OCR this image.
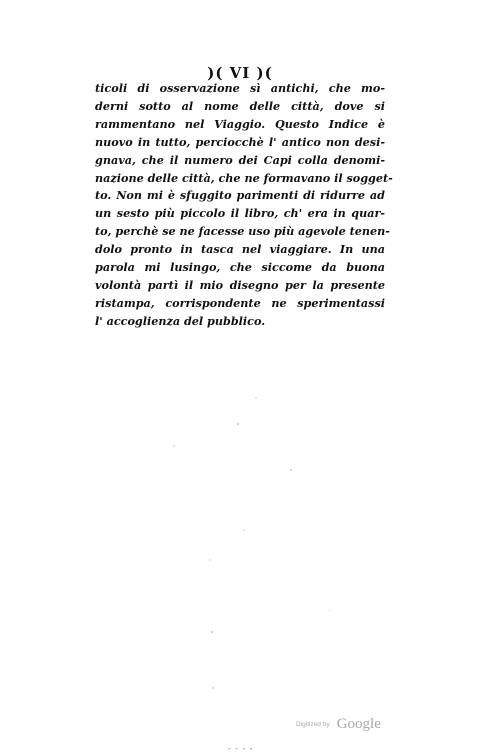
)( VI )(
ticoli di osservazione sì antichi, che mo-
derni sotto al nome delle città, dove si
rammentano nel Viaggio. Questo Indice è
nuovo in tutto, perciocchè l' antico non desi-
gnava, che il numero dei Capi colla denomi-
nazione delle città, che ne formavano il sogget-
to. Non mi è sfuggito parimenti di ridurre ad
un sesto più piccolo il libro, ch' era in quar-
to, perchè se ne facesse uso più agevole tenen-
dolo pronto in tasca nel viaggiare. In una
parola mi lusingo, che siccome da buona
volontà partì il mio disegno per la presente
ristampa, corrispondente ne sperimentassi
l' accoglienza del pubblico.
Digitized by Google
- - - -
